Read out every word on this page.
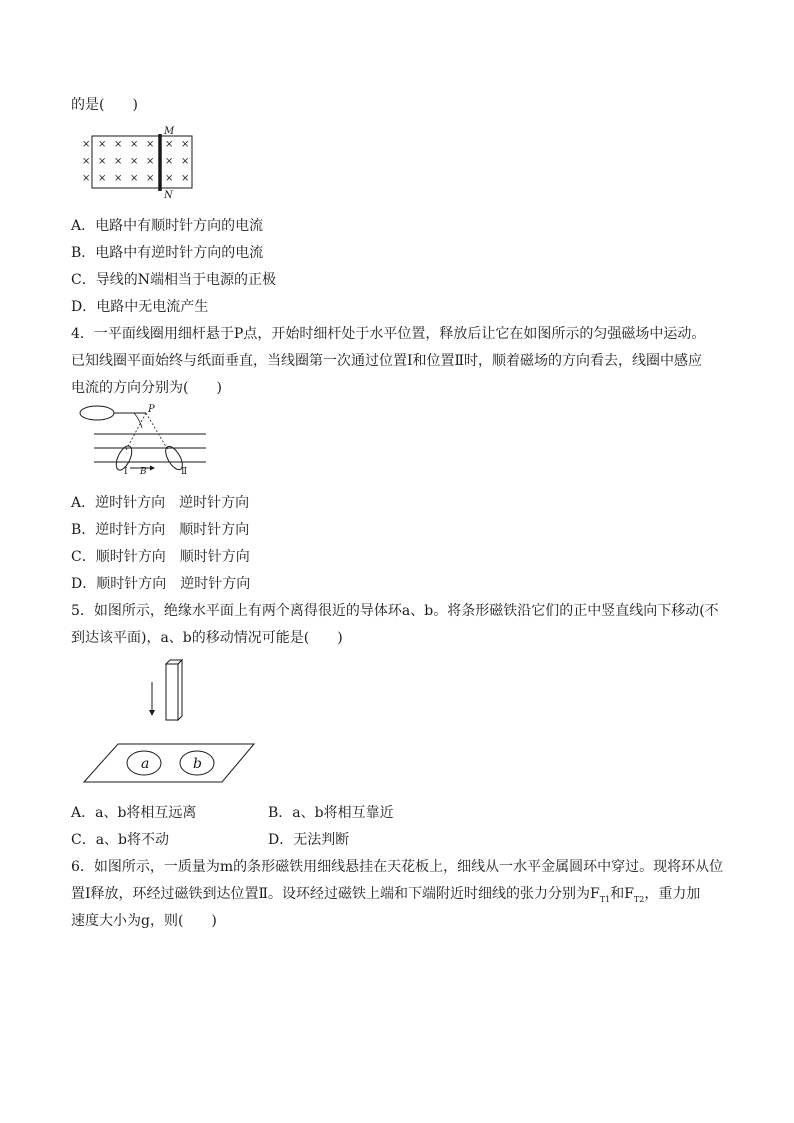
的是(　　)
× × × × × × ×
× × × × × × ×
× × × × × × ×
M
N
A．电路中有顺时针方向的电流
B．电路中有逆时针方向的电流
C．导线的N端相当于电源的正极
D．电路中无电流产生
4．一平面线圈用细杆悬于P点，开始时细杆处于水平位置，释放后让它在如图所示的匀强磁场中运动。
已知线圈平面始终与纸面垂直，当线圈第一次通过位置Ⅰ和位置Ⅱ时，顺着磁场的方向看去，线圈中感应
电流的方向分别为(　　)
P
Ⅰ B	Ⅱ
A．逆时针方向　逆时针方向
B．逆时针方向　顺时针方向
C．顺时针方向　顺时针方向
D．顺时针方向　逆时针方向
5．如图所示，绝缘水平面上有两个离得很近的导体环a、b。将条形磁铁沿它们的正中竖直线向下移动(不
到达该平面)，a、b的移动情况可能是(　　)
a	b
A．a、b将相互远离	B．a、b将相互靠近
C．a、b将不动	D．无法判断
6．如图所示，一质量为m的条形磁铁用细线悬挂在天花板上，细线从一水平金属圆环中穿过。现将环从位
置Ⅰ释放，环经过磁铁到达位置Ⅱ。设环经过磁铁上端和下端附近时细线的张力分别为$F_{T1}$和$F_{T2}$，重力加
速度大小为g，则(　　)
